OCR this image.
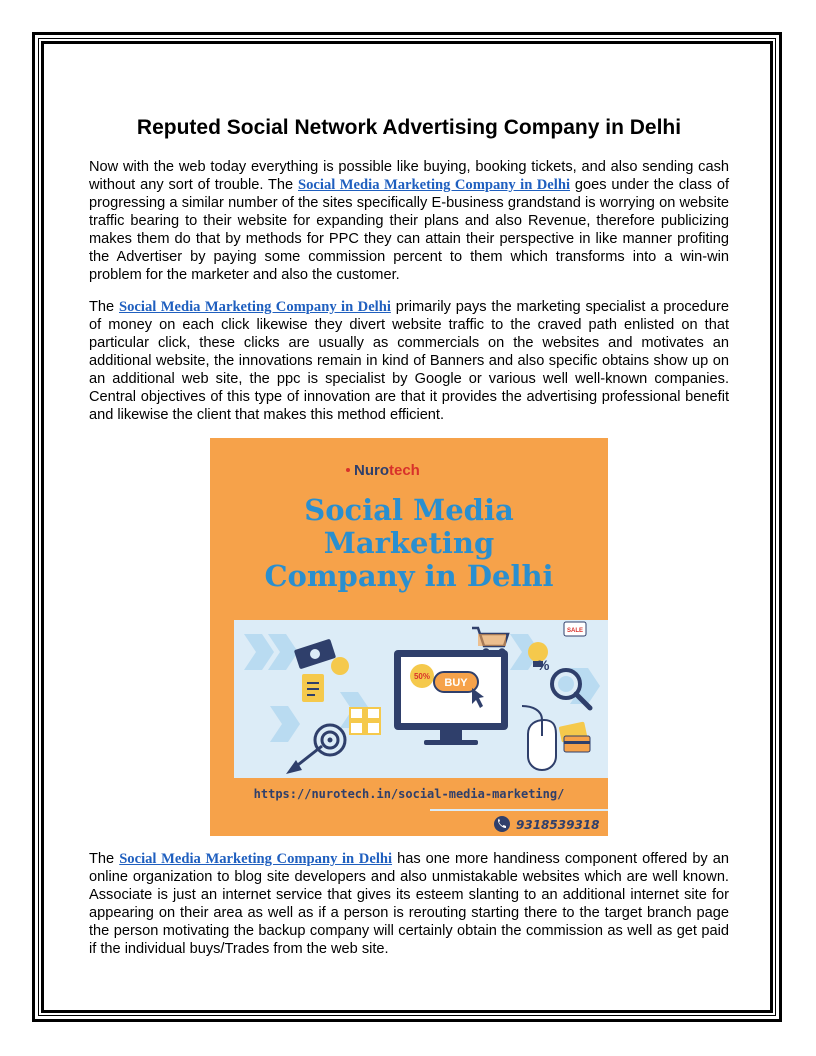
Reputed Social Network Advertising Company in Delhi

Now with the web today everything is possible like buying, booking tickets, and also sending cash without any sort of trouble. The Social Media Marketing Company in Delhi goes under the class of progressing a similar number of the sites specifically E-business grandstand is worrying on website traffic bearing to their website for expanding their plans and also Revenue, therefore publicizing makes them do that by methods for PPC they can attain their perspective in like manner profiting the Advertiser by paying some commission percent to them which transforms into a win-win problem for the marketer and also the customer.

The Social Media Marketing Company in Delhi primarily pays the marketing specialist a procedure of money on each click likewise they divert website traffic to the craved path enlisted on that particular click, these clicks are usually as commercials on the websites and motivates an additional website, the innovations remain in kind of Banners and also specific obtains show up on an additional web site, the ppc is specialist by Google or various well well-known companies. Central objectives of this type of innovation are that it provides the advertising professional benefit and likewise the client that makes this method efficient.

Nurotech
Social Media
Marketing
Company in Delhi
SALE
%
50%
BUY
https://nurotech.in/social-media-marketing/
9318539318

The Social Media Marketing Company in Delhi has one more handiness component offered by an online organization to blog site developers and also unmistakable websites which are well known. Associate is just an internet service that gives its esteem slanting to an additional internet site for appearing on their area as well as if a person is rerouting starting there to the target branch page the person motivating the backup company will certainly obtain the commission as well as get paid if the individual buys/Trades from the web site.
